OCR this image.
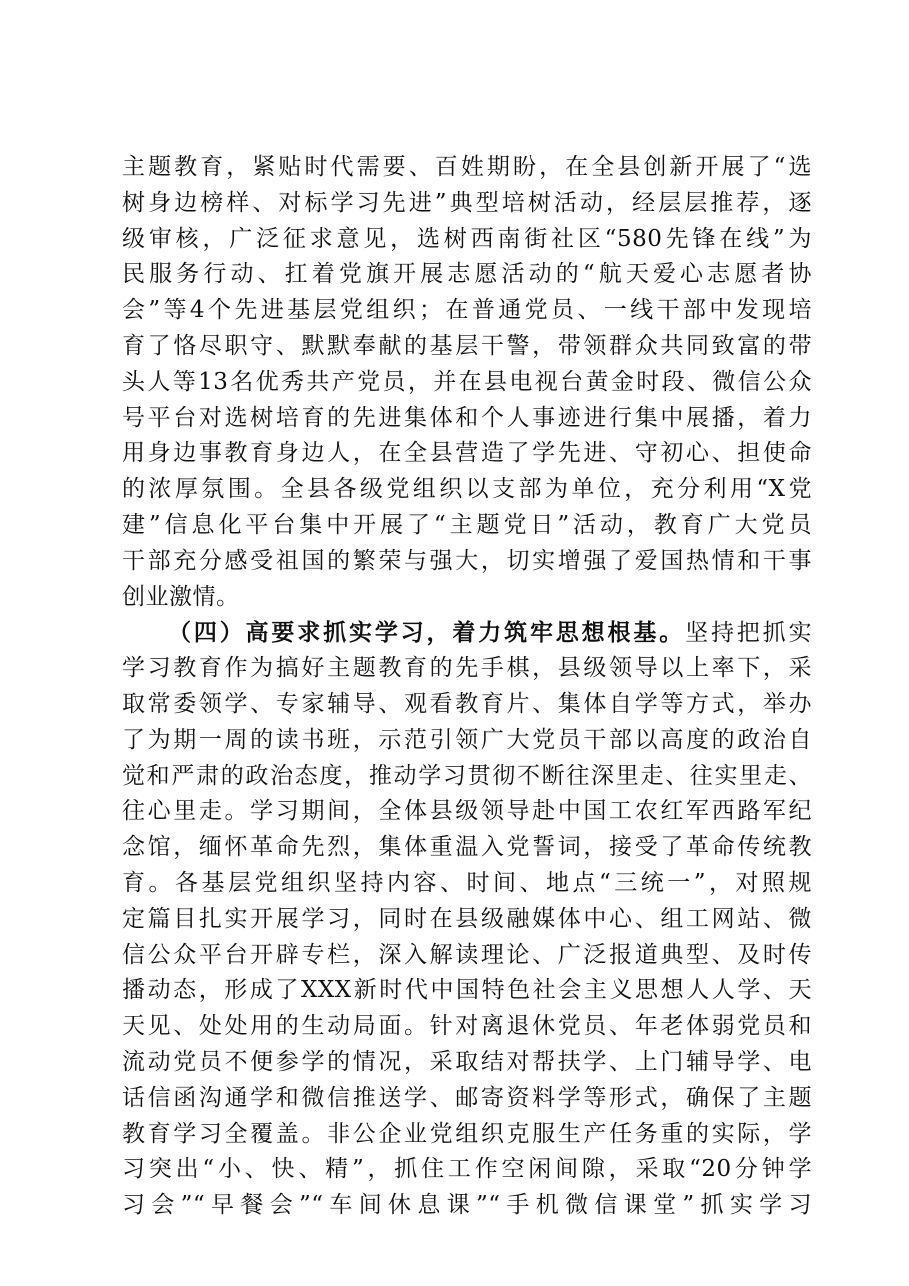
主题教育，紧贴时代需要、百姓期盼，在全县创新开展了“选
树身边榜样、对标学习先进”典型培树活动，经层层推荐，逐
级审核，广泛征求意见，选树西南街社区“580先锋在线”为
民服务行动、扛着党旗开展志愿活动的“航天爱心志愿者协
会”等4个先进基层党组织；在普通党员、一线干部中发现培
育了恪尽职守、默默奉献的基层干警，带领群众共同致富的带
头人等13名优秀共产党员，并在县电视台黄金时段、微信公众
号平台对选树培育的先进集体和个人事迹进行集中展播，着力
用身边事教育身边人，在全县营造了学先进、守初心、担使命
的浓厚氛围。全县各级党组织以支部为单位，充分利用“X党
建”信息化平台集中开展了“主题党日”活动，教育广大党员
干部充分感受祖国的繁荣与强大，切实增强了爱国热情和干事
创业激情。
（四）高要求抓实学习，着力筑牢思想根基。坚持把抓实
学习教育作为搞好主题教育的先手棋，县级领导以上率下，采
取常委领学、专家辅导、观看教育片、集体自学等方式，举办
了为期一周的读书班，示范引领广大党员干部以高度的政治自
觉和严肃的政治态度，推动学习贯彻不断往深里走、往实里走、
往心里走。学习期间，全体县级领导赴中国工农红军西路军纪
念馆，缅怀革命先烈，集体重温入党誓词，接受了革命传统教
育。各基层党组织坚持内容、时间、地点“三统一”，对照规
定篇目扎实开展学习，同时在县级融媒体中心、组工网站、微
信公众平台开辟专栏，深入解读理论、广泛报道典型、及时传
播动态，形成了XXX新时代中国特色社会主义思想人人学、天
天见、处处用的生动局面。针对离退休党员、年老体弱党员和
流动党员不便参学的情况，采取结对帮扶学、上门辅导学、电
话信函沟通学和微信推送学、邮寄资料学等形式，确保了主题
教育学习全覆盖。非公企业党组织克服生产任务重的实际，学
习突出“小、快、精”，抓住工作空闲间隙，采取“20分钟学
习会”“早餐会”“车间休息课”“手机微信课堂”抓实学习
